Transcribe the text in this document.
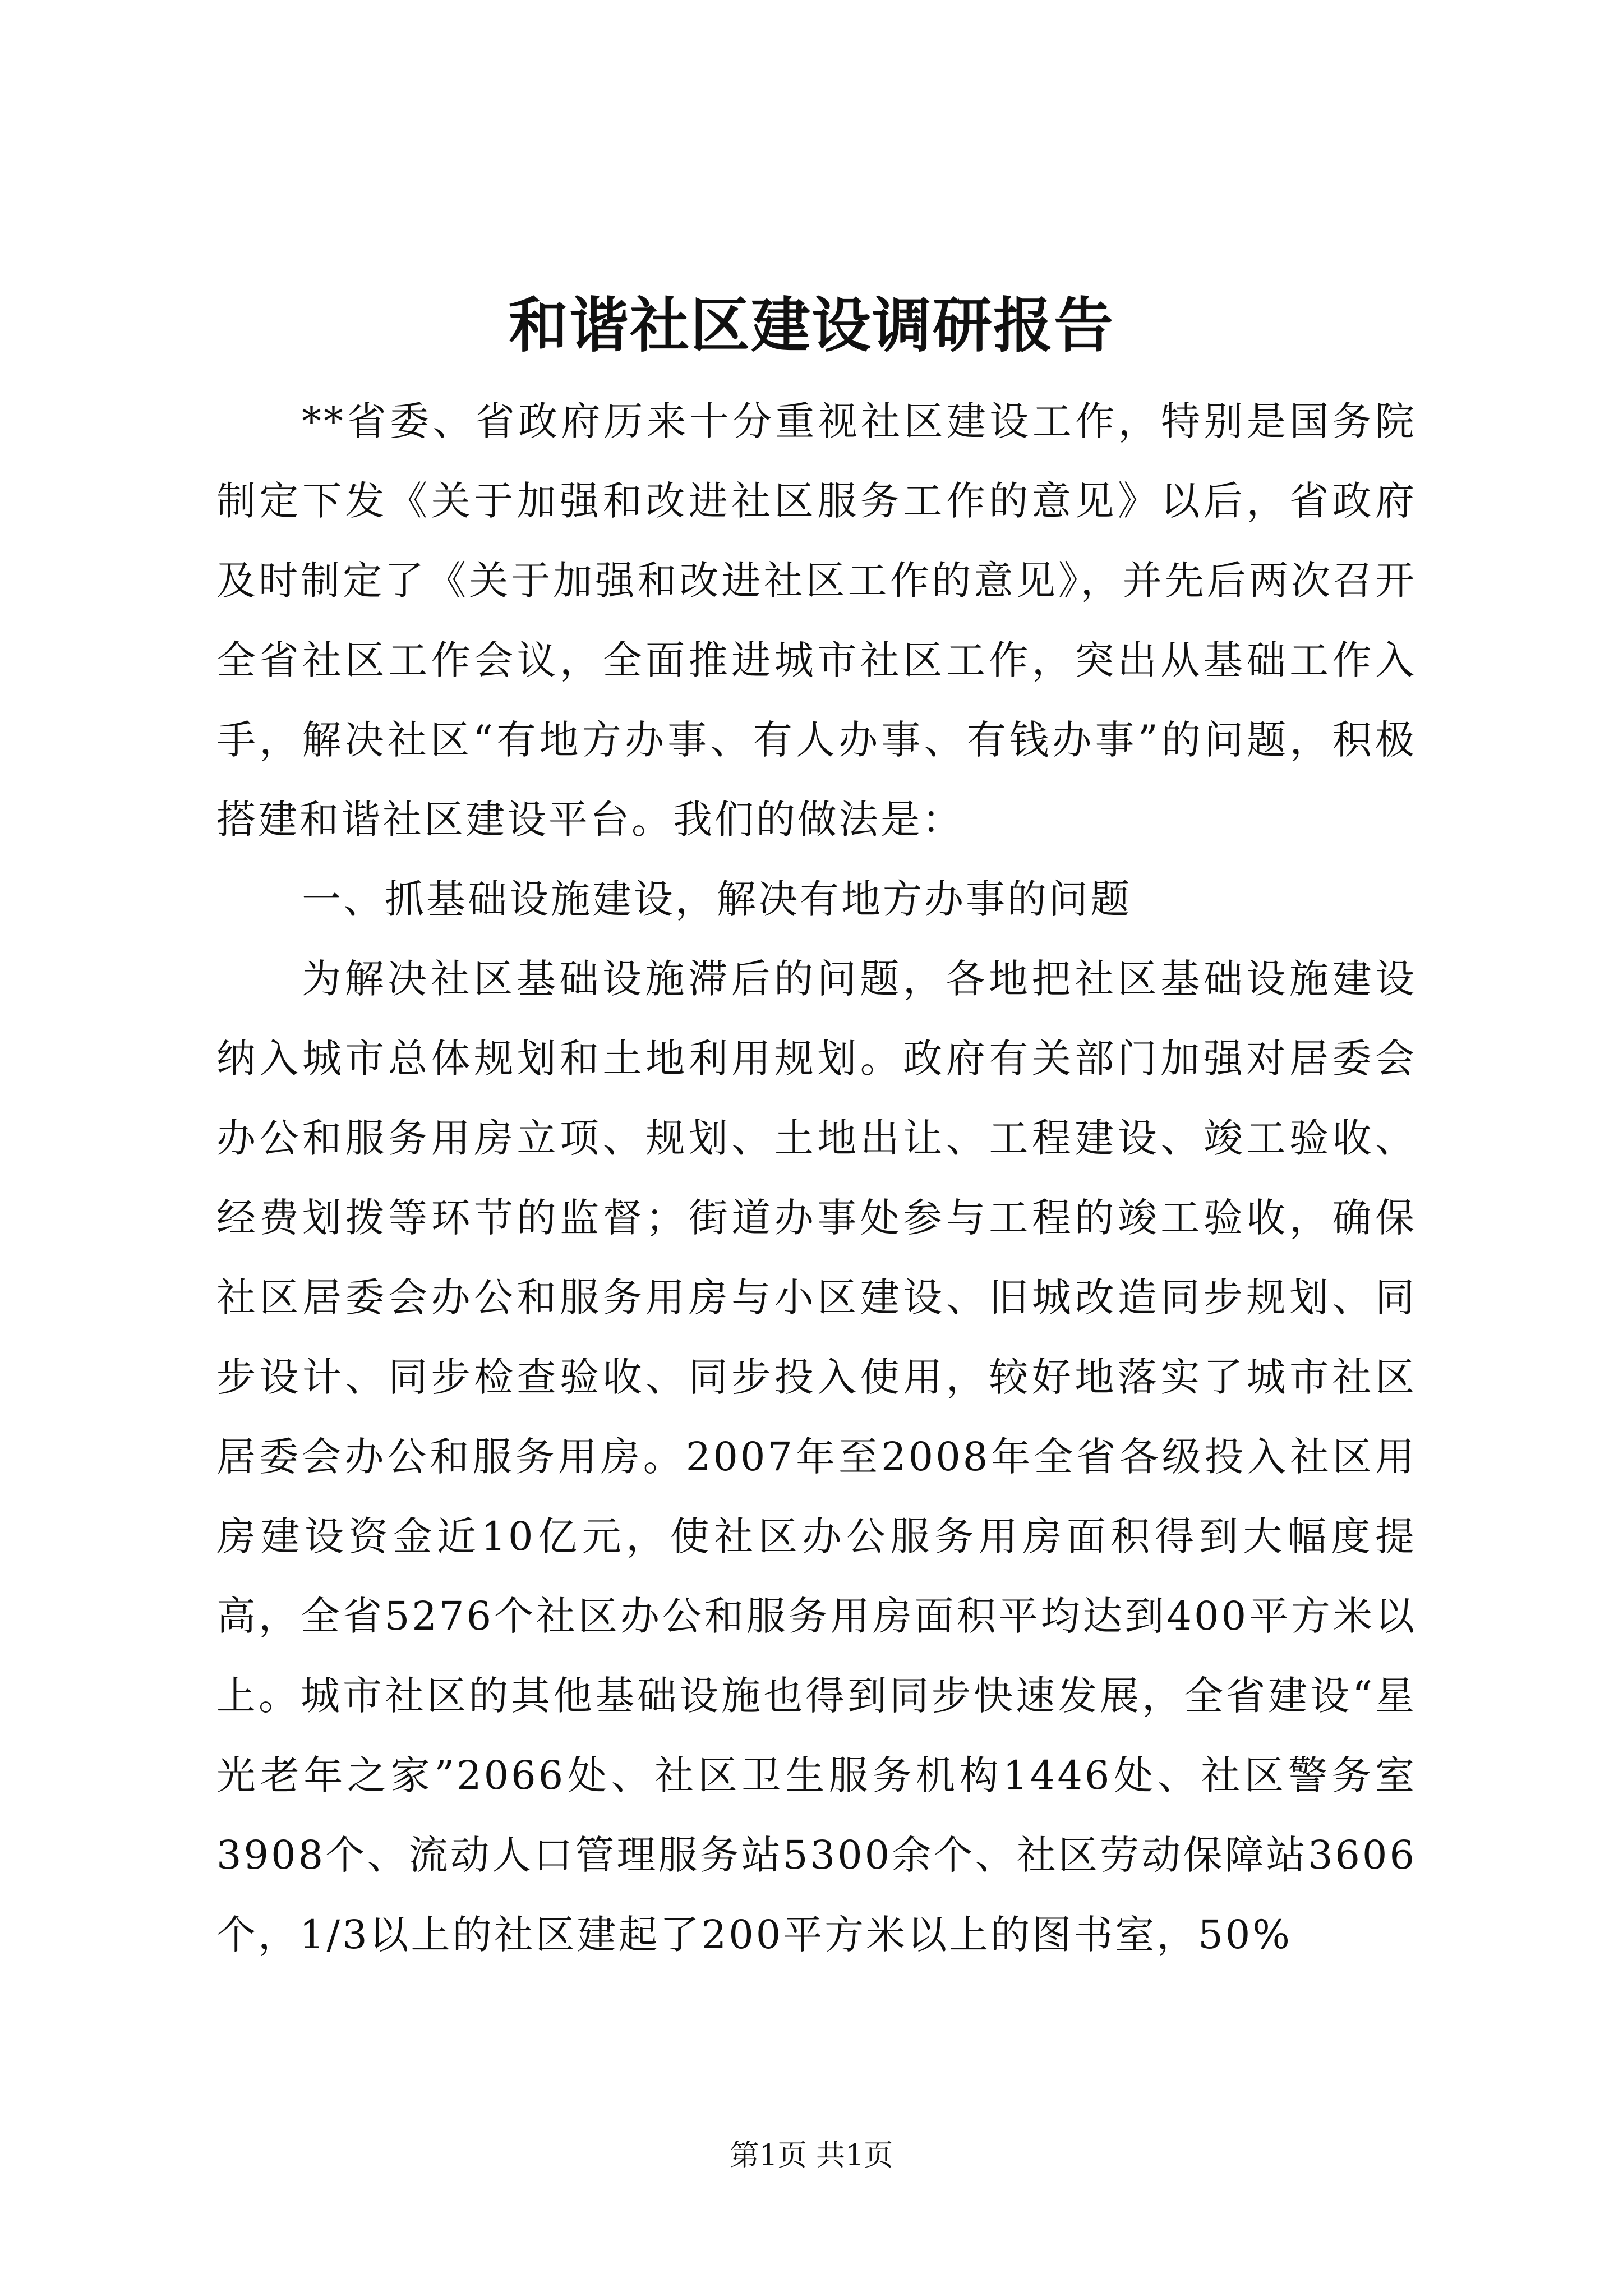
和谐社区建设调研报告

**省委、省政府历来十分重视社区建设工作，特别是国务院制定下发《关于加强和改进社区服务工作的意见》以后，省政府及时制定了《关于加强和改进社区工作的意见》，并先后两次召开全省社区工作会议，全面推进城市社区工作，突出从基础工作入手，解决社区“有地方办事、有人办事、有钱办事”的问题，积极搭建和谐社区建设平台。我们的做法是：

一、抓基础设施建设，解决有地方办事的问题

为解决社区基础设施滞后的问题，各地把社区基础设施建设纳入城市总体规划和土地利用规划。政府有关部门加强对居委会办公和服务用房立项、规划、土地出让、工程建设、竣工验收、经费划拨等环节的监督；街道办事处参与工程的竣工验收，确保社区居委会办公和服务用房与小区建设、旧城改造同步规划、同步设计、同步检查验收、同步投入使用，较好地落实了城市社区居委会办公和服务用房。2007年至2008年全省各级投入社区用房建设资金近10亿元，使社区办公服务用房面积得到大幅度提高，全省5276个社区办公和服务用房面积平均达到400平方米以上。城市社区的其他基础设施也得到同步快速发展，全省建设“星光老年之家”2066处、社区卫生服务机构1446处、社区警务室3908个、流动人口管理服务站5300余个、社区劳动保障站3606个，1/3以上的社区建起了200平方米以上的图书室，50%

第1页 共1页
